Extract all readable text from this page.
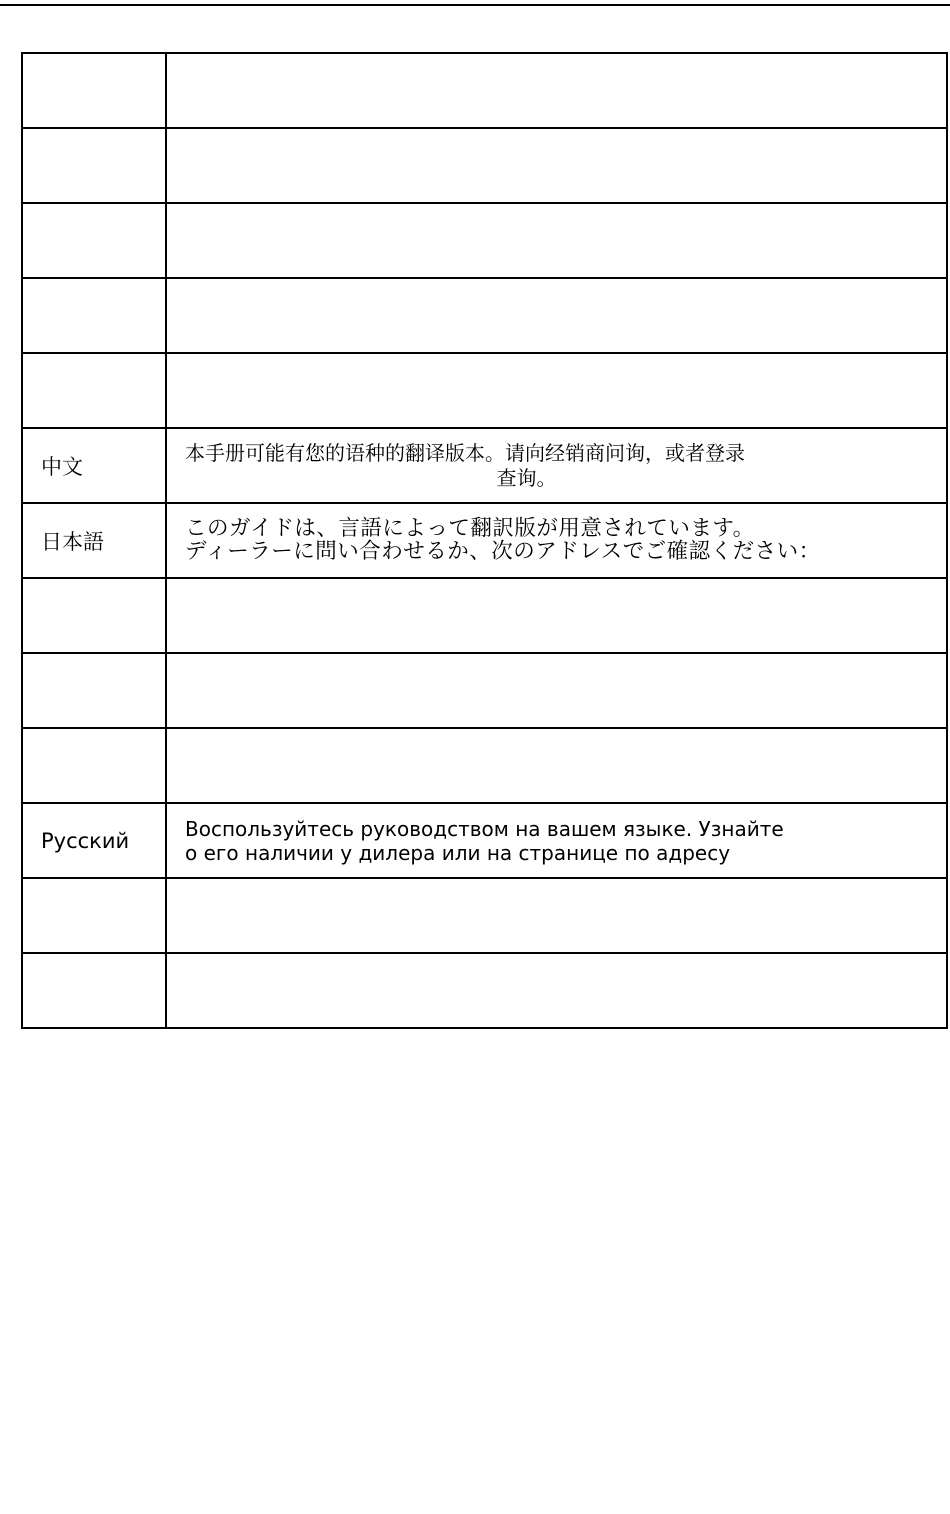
中文	本手册可能有您的语种的翻译版本。请向经销商问询，或者登录
查询。

日本語	このガイドは、言語によって翻訳版が用意されています。
ディーラーに問い合わせるか、次のアドレスでご確認ください：

Русский	Воспользуйтесь руководством на вашем языке. Узнайте
о его наличии у дилера или на странице по адресу
